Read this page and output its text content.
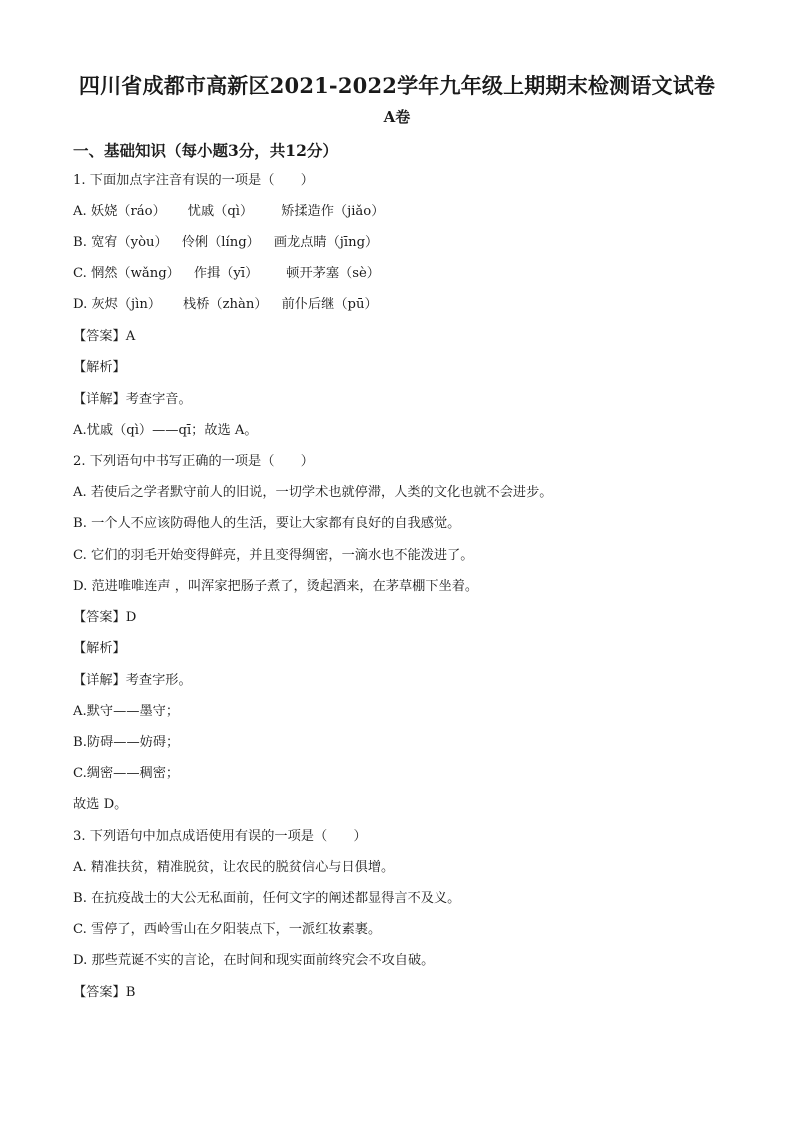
四川省成都市高新区2021-2022学年九年级上期期末检测语文试卷
A卷
一、基础知识（每小题3分，共12分）
1. 下面加点字注音有误的一项是（　　）
A. 妖娆（ráo） 忧戚（qì） 矫揉造作（jiǎo）
B. 宽宥（yòu） 伶俐（líng） 画龙点睛（jīng）
C. 惘然（wǎng） 作揖（yī） 顿开茅塞（sè）
D. 灰烬（jìn） 栈桥（zhàn） 前仆后继（pū）
【答案】A
【解析】
【详解】考查字音。
A.忧戚（qì）——qī；故选 A。
2. 下列语句中书写正确的一项是（　　）
A. 若使后之学者默守前人的旧说，一切学术也就停滞，人类的文化也就不会进步。
B. 一个人不应该防碍他人的生活，要让大家都有良好的自我感觉。
C. 它们的羽毛开始变得鲜亮，并且变得绸密，一滴水也不能泼进了。
D. 范进唯唯连声 ，叫浑家把肠子煮了，烫起酒来，在茅草棚下坐着。
【答案】D
【解析】
【详解】考查字形。
A.默守——墨守；
B.防碍——妨碍；
C.绸密——稠密；
故选 D。
3. 下列语句中加点成语使用有误的一项是（　　）
A. 精准扶贫，精准脱贫，让农民的脱贫信心与日俱增。
B. 在抗疫战士的大公无私面前，任何文字的阐述都显得言不及义。
C. 雪停了，西岭雪山在夕阳装点下，一派红妆素裹。
D. 那些荒诞不实的言论，在时间和现实面前终究会不攻自破。
【答案】B
